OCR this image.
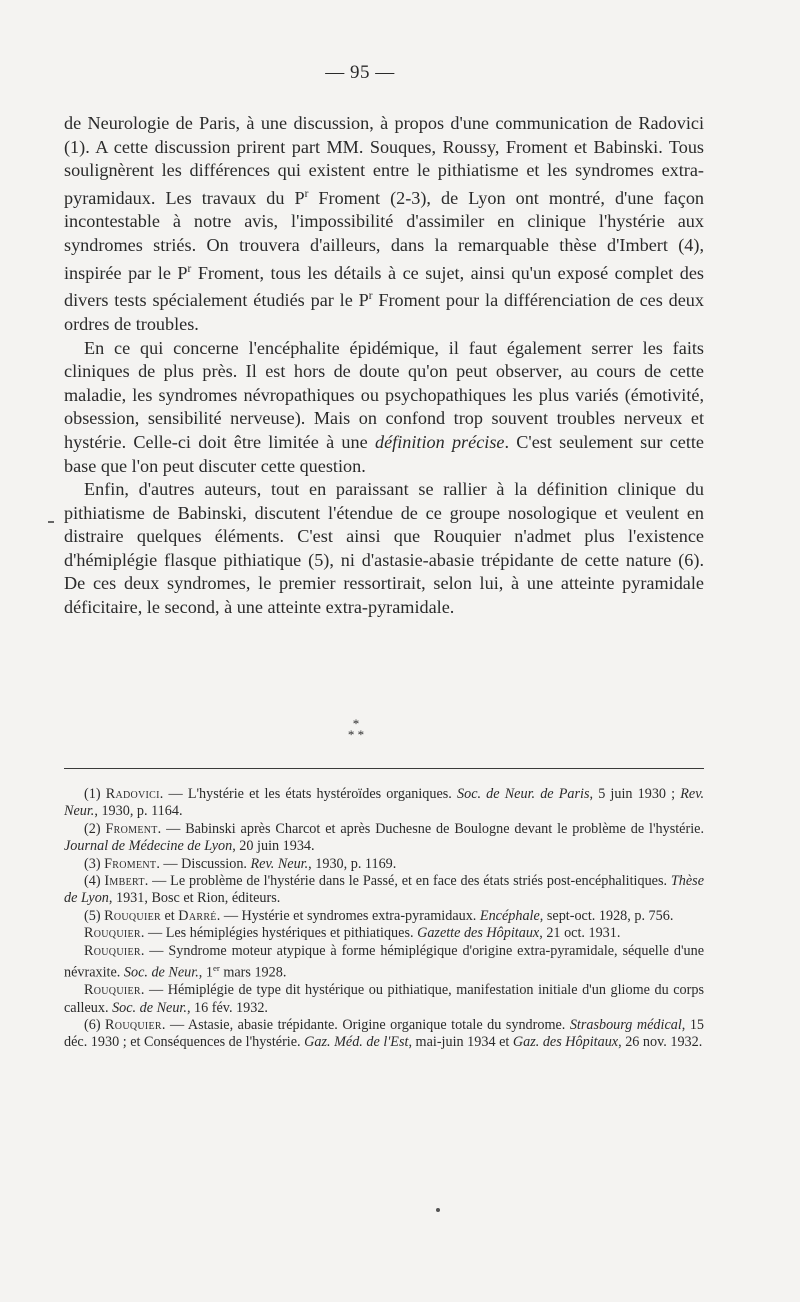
— 95 —

de Neurologie de Paris, à une discussion, à propos d'une communication de Radovici (1). A cette discussion prirent part MM. Souques, Roussy, Froment et Babinski. Tous soulignèrent les différences qui existent entre le pithiatisme et les syndromes extra-pyramidaux. Les travaux du $P^r$ Froment (2-3), de Lyon ont montré, d'une façon incontestable à notre avis, l'impossibilité d'assimiler en clinique l'hystérie aux syndromes striés. On trouvera d'ailleurs, dans la remarquable thèse d'Imbert (4), inspirée par le $P^r$ Froment, tous les détails à ce sujet, ainsi qu'un exposé complet des divers tests spécialement étudiés par le $P^r$ Froment pour la différenciation de ces deux ordres de troubles.

En ce qui concerne l'encéphalite épidémique, il faut également serrer les faits cliniques de plus près. Il est hors de doute qu'on peut observer, au cours de cette maladie, les syndromes névropathiques ou psychopathiques les plus variés (émotivité, obsession, sensibilité nerveuse). Mais on confond trop souvent troubles nerveux et hystérie. Celle-ci doit être limitée à une définition précise. C'est seulement sur cette base que l'on peut discuter cette question.

Enfin, d'autres auteurs, tout en paraissant se rallier à la définition clinique du pithiatisme de Babinski, discutent l'étendue de ce groupe nosologique et veulent en distraire quelques éléments. C'est ainsi que Rouquier n'admet plus l'existence d'hémiplégie flasque pithiatique (5), ni d'astasie-abasie trépidante de cette nature (6). De ces deux syndromes, le premier ressortirait, selon lui, à une atteinte pyramidale déficitaire, le second, à une atteinte extra-pyramidale.

*
* *

(1) Radovici. — L'hystérie et les états hystéroïdes organiques. Soc. de Neur. de Paris, 5 juin 1930 ; Rev. Neur., 1930, p. 1164.

(2) Froment. — Babinski après Charcot et après Duchesne de Boulogne devant le problème de l'hystérie. Journal de Médecine de Lyon, 20 juin 1934.

(3) Froment. — Discussion. Rev. Neur., 1930, p. 1169.

(4) Imbert. — Le problème de l'hystérie dans le Passé, et en face des états striés post-encéphalitiques. Thèse de Lyon, 1931, Bosc et Rion, éditeurs.

(5) Rouquier et Darré. — Hystérie et syndromes extra-pyramidaux. Encéphale, sept-oct. 1928, p. 756.

Rouquier. — Les hémiplégies hystériques et pithiatiques. Gazette des Hôpitaux, 21 oct. 1931.

Rouquier. — Syndrome moteur atypique à forme hémiplégique d'origine extra-pyramidale, séquelle d'une névraxite. Soc. de Neur., 1er mars 1928.

Rouquier. — Hémiplégie de type dit hystérique ou pithiatique, manifestation initiale d'un gliome du corps calleux. Soc. de Neur., 16 fév. 1932.

(6) Rouquier. — Astasie, abasie trépidante. Origine organique totale du syndrome. Strasbourg médical, 15 déc. 1930 ; et Conséquences de l'hystérie. Gaz. Méd. de l'Est, mai-juin 1934 et Gaz. des Hôpitaux, 26 nov. 1932.
